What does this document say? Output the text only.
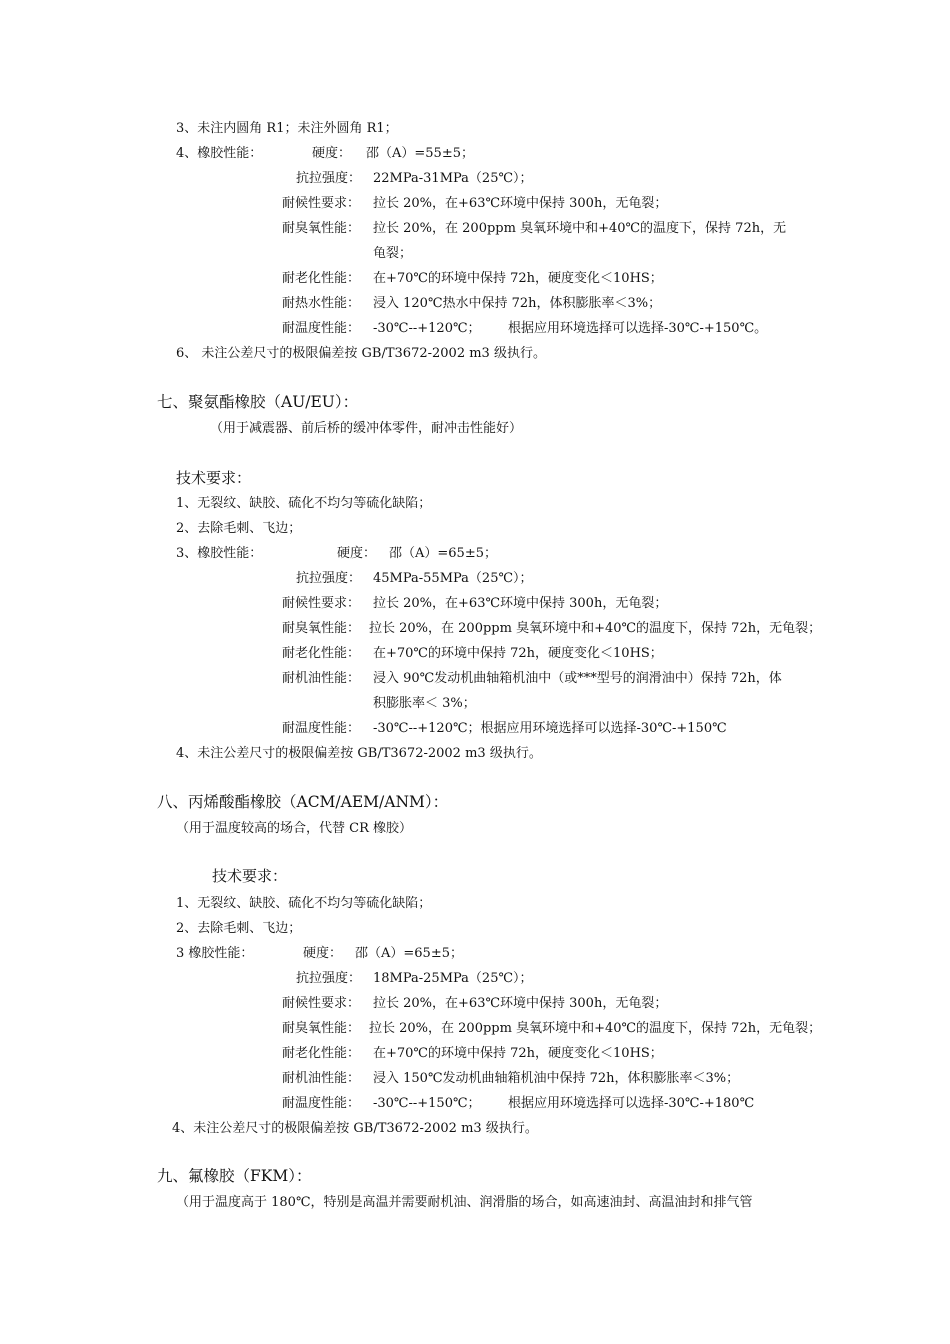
3、未注内圆角 R1；未注外圆角 R1；
4、橡胶性能：	硬度： 邵（A）=55±5；
抗拉强度： 22MPa-31MPa（25℃）；
耐候性要求： 拉长 20%，在+63℃环境中保持 300h，无龟裂；
耐臭氧性能： 拉长 20%，在 200ppm 臭氧环境中和+40℃的温度下，保持 72h，无
龟裂；
耐老化性能： 在+70℃的环境中保持 72h，硬度变化＜10HS；
耐热水性能： 浸入 120℃热水中保持 72h，体积膨胀率＜3%；
耐温度性能： -30℃--+120℃； 根据应用环境选择可以选择-30℃-+150℃。
6、 未注公差尺寸的极限偏差按 GB/T3672-2002 m3 级执行。
七、聚氨酯橡胶（AU/EU）：
（用于减震器、前后桥的缓冲体零件，耐冲击性能好）
技术要求：
1、无裂纹、缺胶、硫化不均匀等硫化缺陷；
2、去除毛刺、飞边；
3、橡胶性能：	硬度： 邵（A）=65±5；
抗拉强度： 45MPa-55MPa（25℃）；
耐候性要求： 拉长 20%，在+63℃环境中保持 300h，无龟裂；
耐臭氧性能： 拉长 20%，在 200ppm 臭氧环境中和+40℃的温度下，保持 72h，无龟裂；
耐老化性能： 在+70℃的环境中保持 72h，硬度变化＜10HS；
耐机油性能： 浸入 90℃发动机曲轴箱机油中（或***型号的润滑油中）保持 72h，体
积膨胀率＜ 3%；
耐温度性能： -30℃--+120℃；根据应用环境选择可以选择-30℃-+150℃
4、未注公差尺寸的极限偏差按 GB/T3672-2002 m3 级执行。
八、丙烯酸酯橡胶（ACM/AEM/ANM）：
（用于温度较高的场合，代替 CR 橡胶）
技术要求：
1、无裂纹、缺胶、硫化不均匀等硫化缺陷；
2、去除毛刺、飞边；
3 橡胶性能：	硬度： 邵（A）=65±5；
抗拉强度： 18MPa-25MPa（25℃）；
耐候性要求： 拉长 20%，在+63℃环境中保持 300h，无龟裂；
耐臭氧性能： 拉长 20%，在 200ppm 臭氧环境中和+40℃的温度下，保持 72h，无龟裂；
耐老化性能： 在+70℃的环境中保持 72h，硬度变化＜10HS；
耐机油性能： 浸入 150℃发动机曲轴箱机油中保持 72h，体积膨胀率＜3%；
耐温度性能： -30℃--+150℃； 根据应用环境选择可以选择-30℃-+180℃
4、未注公差尺寸的极限偏差按 GB/T3672-2002 m3 级执行。
九、氟橡胶（FKM）：
（用于温度高于 180℃，特别是高温并需要耐机油、润滑脂的场合，如高速油封、高温油封和排气管
